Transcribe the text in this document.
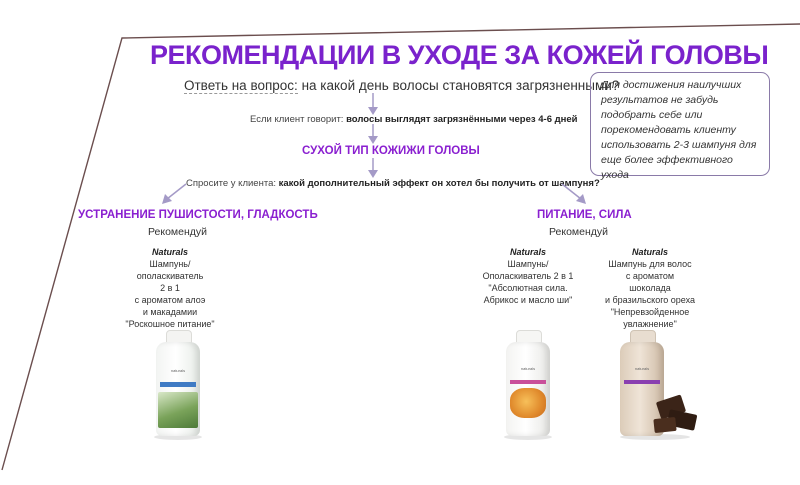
РЕКОМЕНДАЦИИ В УХОДЕ ЗА КОЖЕЙ ГОЛОВЫ
Ответь на вопрос: на какой день волосы становятся загрязненными?
Для достижения наилучших результатов не забудь подобрать себе или порекомендовать клиенту использовать 2-3 шампуня для еще более эффективного ухода
Если клиент говорит: волосы выглядят загрязнёнными через 4-6 дней
СУХОЙ ТИП КОЖИЖИ ГОЛОВЫ
Спросите у клиента: какой дополнительный эффект он хотел бы получить от шампуня?
УСТРАНЕНИЕ ПУШИСТОСТИ, ГЛАДКОСТЬ
Рекомендуй
ПИТАНИЕ, СИЛА
Рекомендуй
Naturals
Шампунь/
ополаскиватель
2 в 1
с ароматом алоэ
и макадамии
"Роскошное питание"
Naturals
Шампунь/
Ополаскиватель 2 в 1
"Абсолютная сила.
Абрикос и масло ши"
Naturals
Шампунь для волос
с ароматом
шоколада
и бразильского ореха
"Непревзойденное
увлажнение"
naturals	naturals	naturals
